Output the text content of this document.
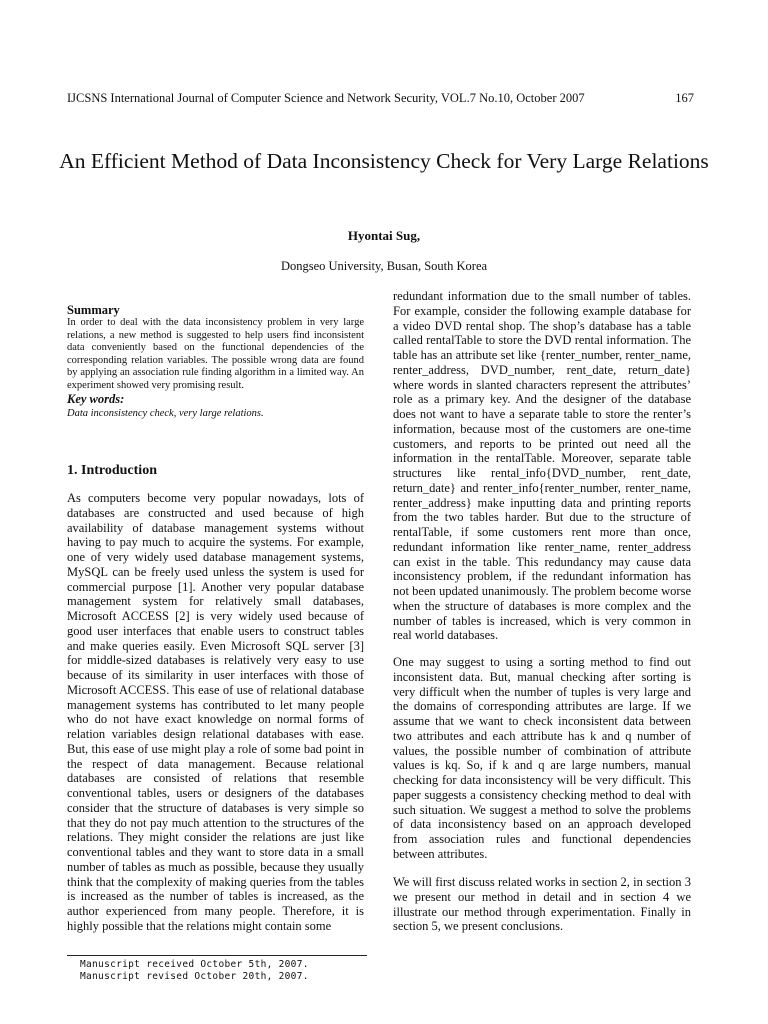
IJCSNS International Journal of Computer Science and Network Security, VOL.7 No.10, October 2007	167
An Efficient Method of Data Inconsistency Check for Very Large Relations
Hyontai Sug,
Dongseo University, Busan, South Korea

Summary

In order to deal with the data inconsistency problem in very large relations, a new method is suggested to help users find inconsistent data conveniently based on the functional dependencies of the corresponding relation variables. The possible wrong data are found by applying an association rule finding algorithm in a limited way. An experiment showed very promising result.

Key words:

Data inconsistency check, very large relations.

1. Introduction

As computers become very popular nowadays, lots of databases are constructed and used because of high availability of database management systems without having to pay much to acquire the systems. For example, one of very widely used database management systems, MySQL can be freely used unless the system is used for commercial purpose [1]. Another very popular database management system for relatively small databases, Microsoft ACCESS [2] is very widely used because of good user interfaces that enable users to construct tables and make queries easily. Even Microsoft SQL server [3] for middle-sized databases is relatively very easy to use because of its similarity in user interfaces with those of Microsoft ACCESS. This ease of use of relational database management systems has contributed to let many people who do not have exact knowledge on normal forms of relation variables design relational databases with ease. But, this ease of use might play a role of some bad point in the respect of data management. Because relational databases are consisted of relations that resemble conventional tables, users or designers of the databases consider that the structure of databases is very simple so that they do not pay much attention to the structures of the relations. They might consider the relations are just like conventional tables and they want to store data in a small number of tables as much as possible, because they usually think that the complexity of making queries from the tables is increased as the number of tables is increased, as the author experienced from many people. Therefore, it is highly possible that the relations might contain some

redundant information due to the small number of tables. For example, consider the following example database for a video DVD rental shop. The shop’s database has a table called rentalTable to store the DVD rental information. The table has an attribute set like {renter_number, renter_name, renter_address, DVD_number, rent_date, return_date} where words in slanted characters represent the attributes’ role as a primary key. And the designer of the database does not want to have a separate table to store the renter’s information, because most of the customers are one-time customers, and reports to be printed out need all the information in the rentalTable. Moreover, separate table structures like rental_info{DVD_number, rent_date, return_date} and renter_info{renter_number, renter_name, renter_address} make inputting data and printing reports from the two tables harder. But due to the structure of rentalTable, if some customers rent more than once, redundant information like renter_name, renter_address can exist in the table. This redundancy may cause data inconsistency problem, if the redundant information has not been updated unanimously. The problem become worse when the structure of databases is more complex and the number of tables is increased, which is very common in real world databases.

One may suggest to using a sorting method to find out inconsistent data. But, manual checking after sorting is very difficult when the number of tuples is very large and the domains of corresponding attributes are large. If we assume that we want to check inconsistent data between two attributes and each attribute has k and q number of values, the possible number of combination of attribute values is kq. So, if k and q are large numbers, manual checking for data inconsistency will be very difficult. This paper suggests a consistency checking method to deal with such situation. We suggest a method to solve the problems of data inconsistency based on an approach developed from association rules and functional dependencies between attributes.

We will first discuss related works in section 2, in section 3 we present our method in detail and in section 4 we illustrate our method through experimentation. Finally in section 5, we present conclusions.

Manuscript received October 5th, 2007.
Manuscript revised October 20th, 2007.
